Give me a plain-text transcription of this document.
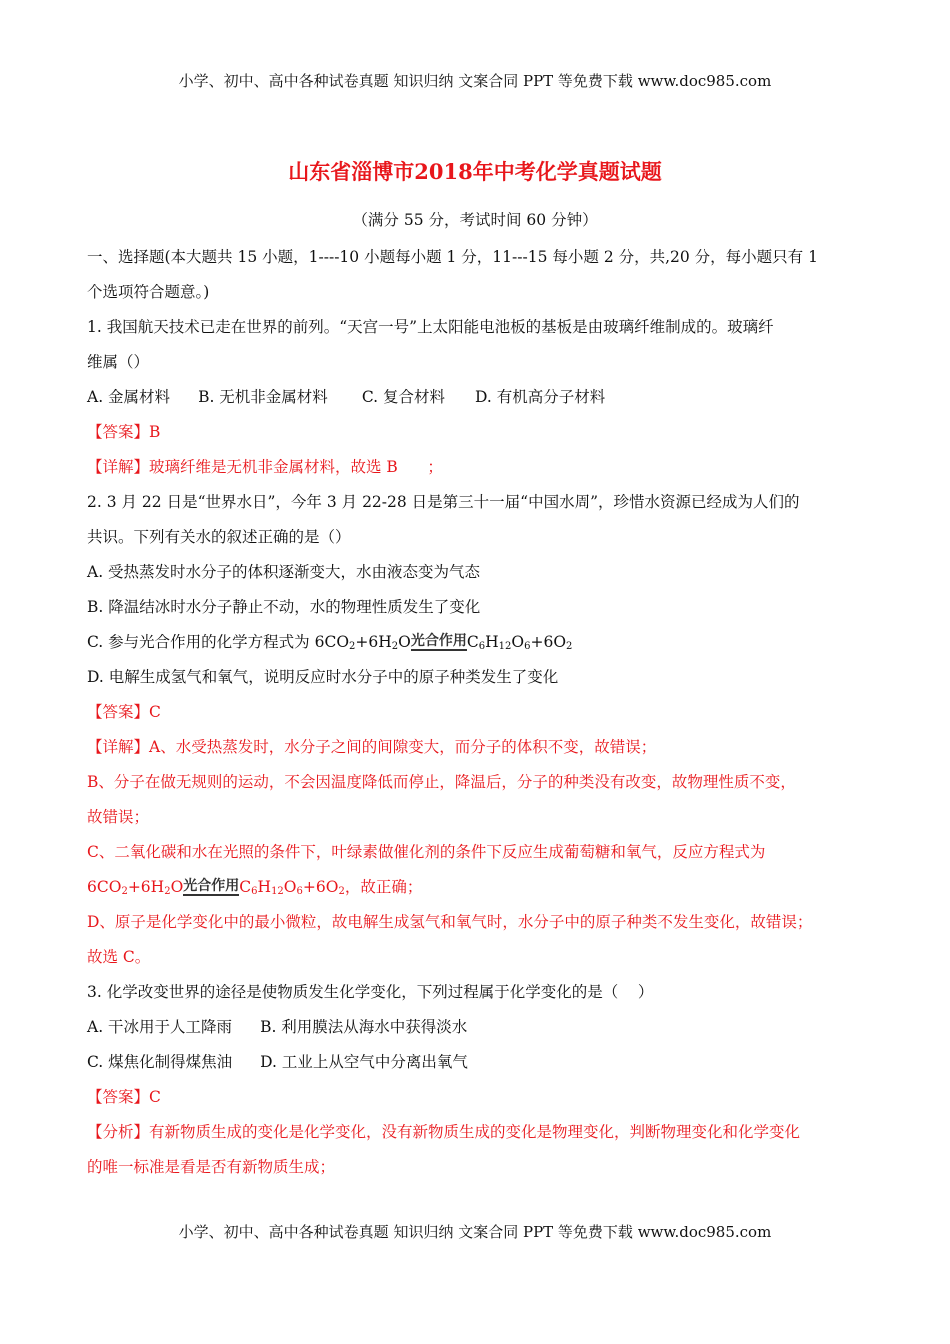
小学、初中、高中各种试卷真题 知识归纳 文案合同 PPT 等免费下载 www.doc985.com
山东省淄博市2018年中考化学真题试题
（满分 55 分，考试时间 60 分钟）
一、选择题(本大题共 15 小题，1----10 小题每小题 1 分，11---15 每小题 2 分，共,20 分，每小题只有 1
个选项符合题意。)
1. 我国航天技术已走在世界的前列。“天宫一号”上太阳能电池板的基板是由玻璃纤维制成的。玻璃纤
维属（）
A. 金属材料 B. 无机非金属材料 C. 复合材料 D. 有机高分子材料
【答案】B
【详解】玻璃纤维是无机非金属材料，故选 B      ；
2. 3 月 22 日是“世界水日”，今年 3 月 22-28 日是第三十一届“中国水周”，珍惜水资源已经成为人们的
共识。下列有关水的叙述正确的是（）
A. 受热蒸发时水分子的体积逐渐变大，水由液态变为气态
B. 降温结冰时水分子静止不动，水的物理性质发生了变化
C. 参与光合作用的化学方程式为 $6CO_2+6H_2O$光合作用$C_6H_{12}O_6+6O_2$
D. 电解生成氢气和氧气，说明反应时水分子中的原子种类发生了变化
【答案】C
【详解】A、水受热蒸发时，水分子之间的间隙变大，而分子的体积不变，故错误；
B、分子在做无规则的运动，不会因温度降低而停止，降温后，分子的种类没有改变，故物理性质不变，
故错误；
C、二氧化碳和水在光照的条件下，叶绿素做催化剂的条件下反应生成葡萄糖和氧气，反应方程式为
$6CO_2+6H_2O$光合作用$C_6H_{12}O_6+6O_2$，故正确；
D、原子是化学变化中的最小微粒，故电解生成氢气和氧气时，水分子中的原子种类不发生变化，故错误；
故选 C。
3. 化学改变世界的途径是使物质发生化学变化，下列过程属于化学变化的是（    ）
A. 干冰用于人工降雨 B. 利用膜法从海水中获得淡水
C. 煤焦化制得煤焦油 D. 工业上从空气中分离出氧气
【答案】C
【分析】有新物质生成的变化是化学变化，没有新物质生成的变化是物理变化，判断物理变化和化学变化
的唯一标准是看是否有新物质生成；
小学、初中、高中各种试卷真题 知识归纳 文案合同 PPT 等免费下载 www.doc985.com
